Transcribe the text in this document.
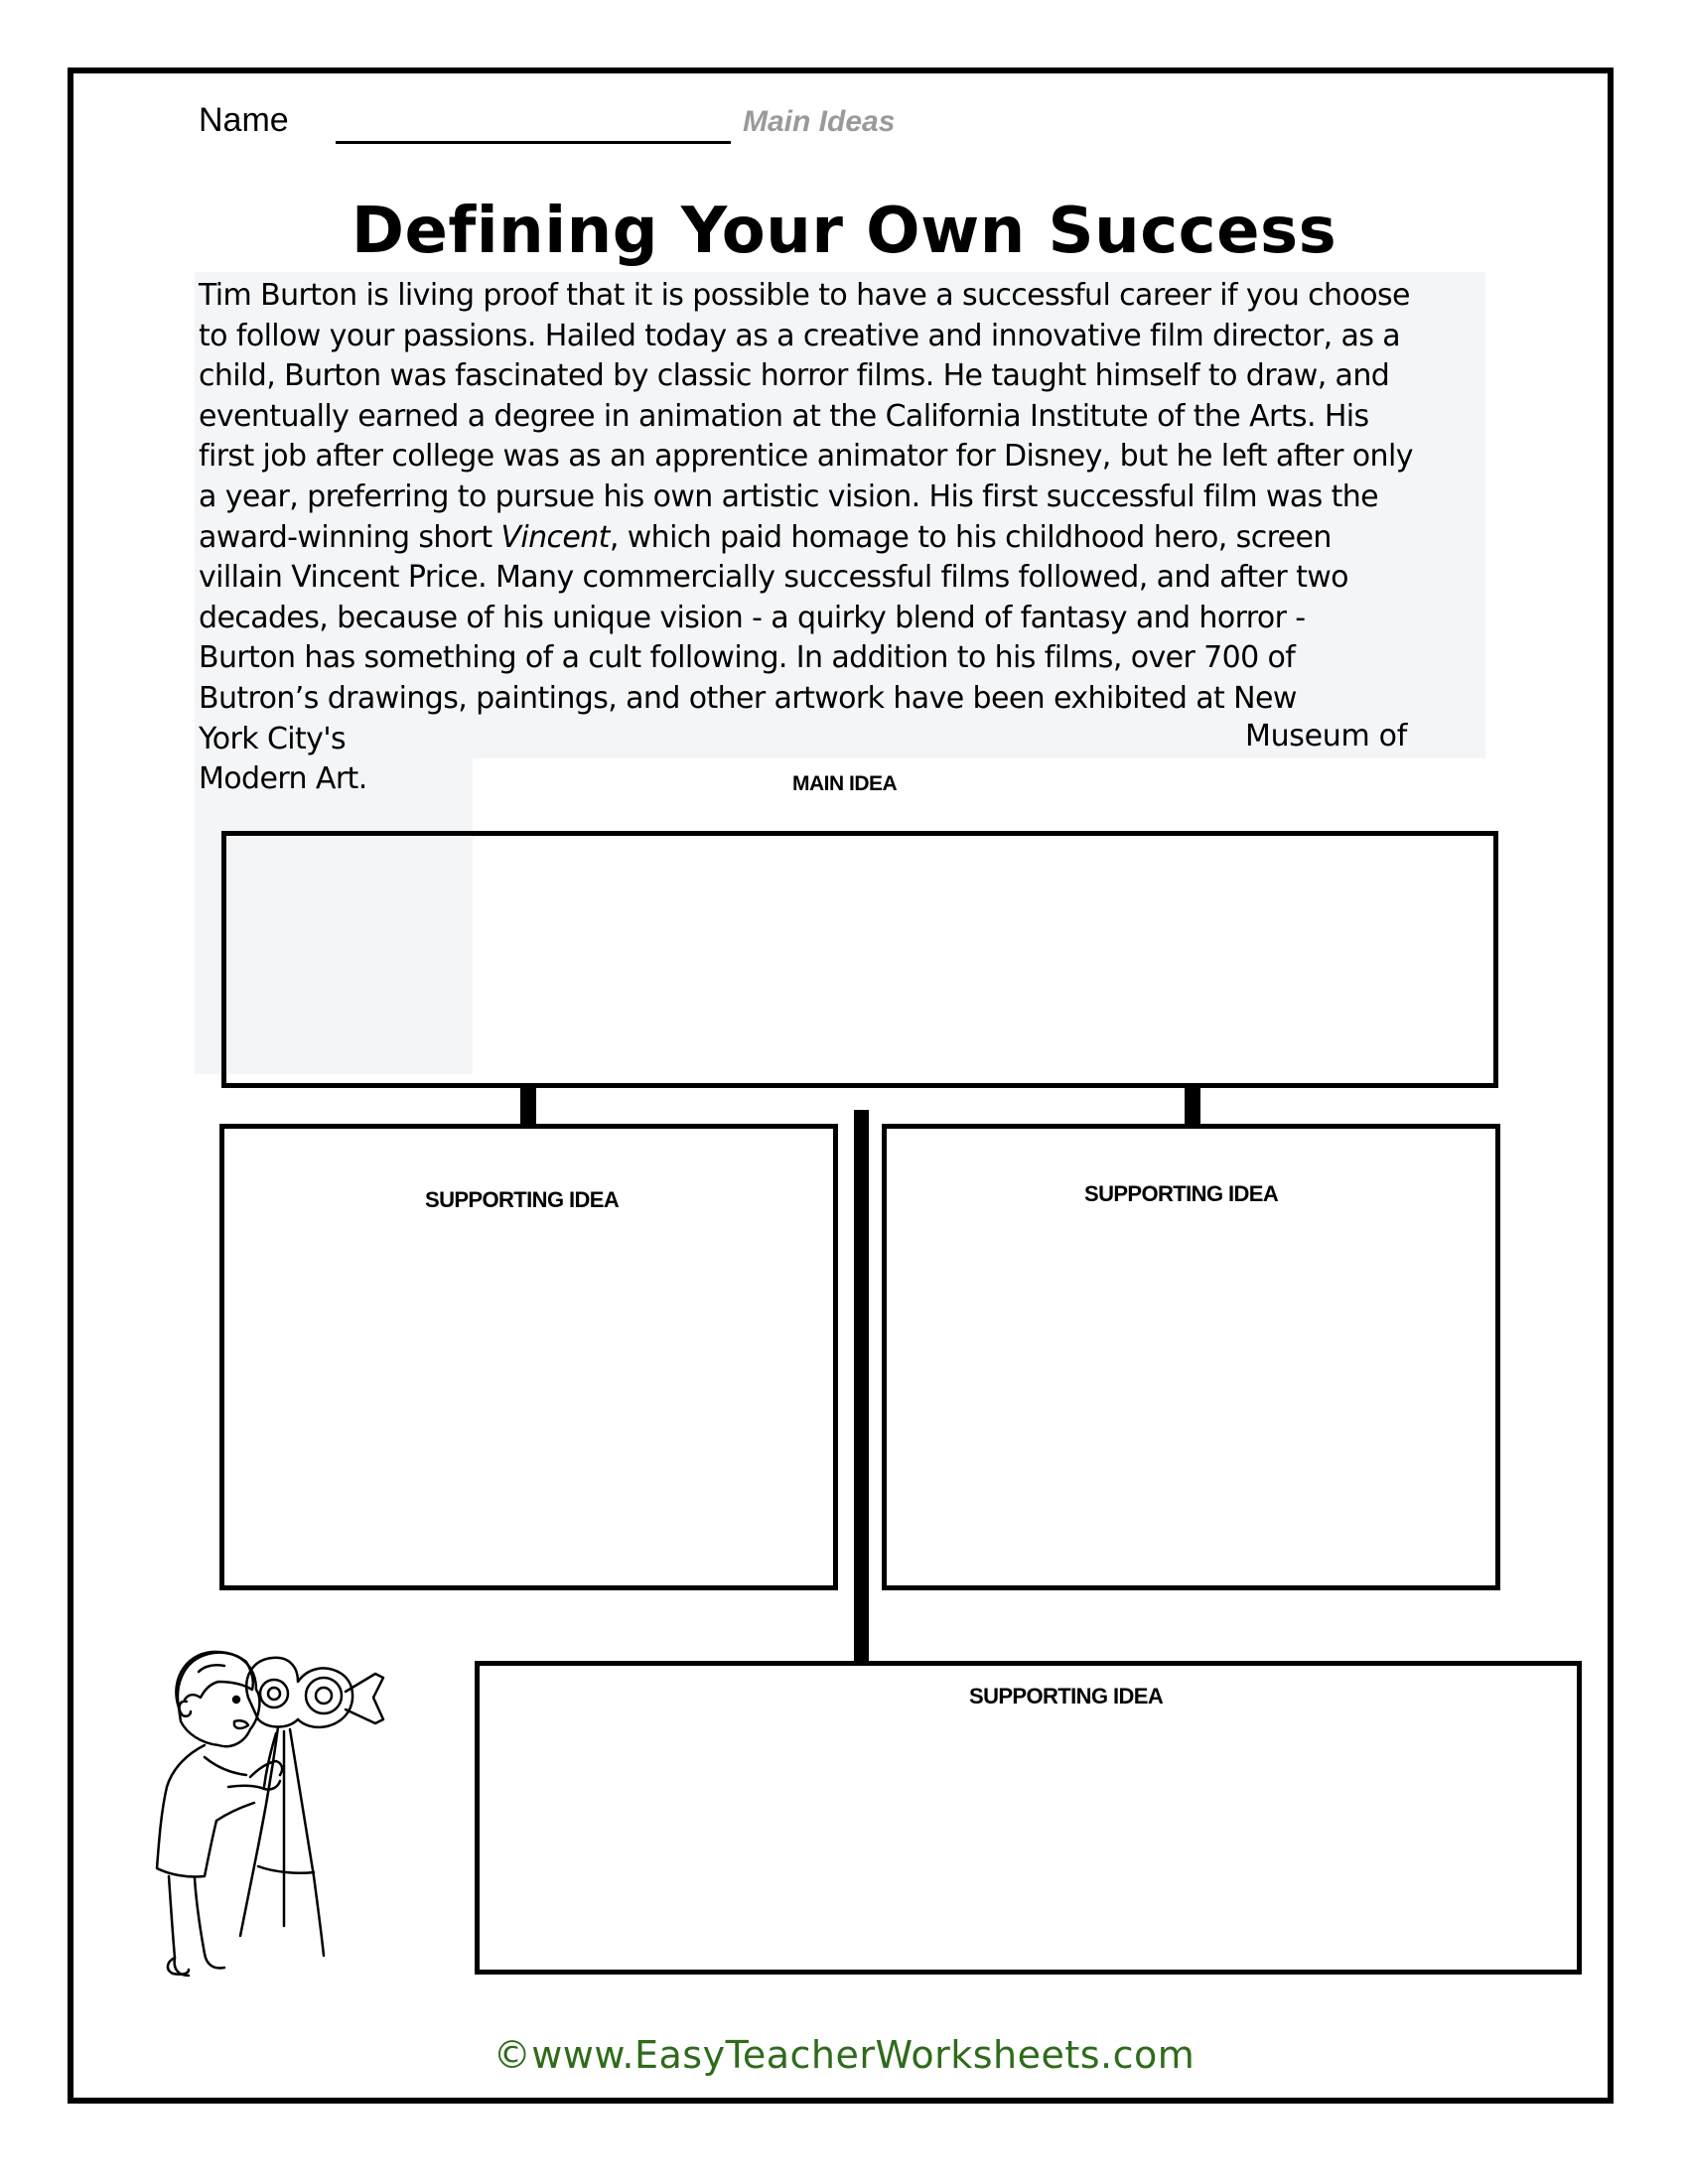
Name	Main Ideas
Defining Your Own Success
Tim Burton is living proof that it is possible to have a successful career if you choose
to follow your passions. Hailed today as a creative and innovative film director, as a
child, Burton was fascinated by classic horror films. He taught himself to draw, and
eventually earned a degree in animation at the California Institute of the Arts. His
first job after college was as an apprentice animator for Disney, but he left after only
a year, preferring to pursue his own artistic vision. His first successful film was the
award-winning short Vincent, which paid homage to his childhood hero, screen
villain Vincent Price. Many commercially successful films followed, and after two
decades, because of his unique vision - a quirky blend of fantasy and horror -
Burton has something of a cult following. In addition to his films, over 700 of
Butron’s drawings, paintings, and other artwork have been exhibited at New
York City's
Modern Art.
Museum of
MAIN IDEA
SUPPORTING IDEA	SUPPORTING IDEA
SUPPORTING IDEA
©www.EasyTeacherWorksheets.com
